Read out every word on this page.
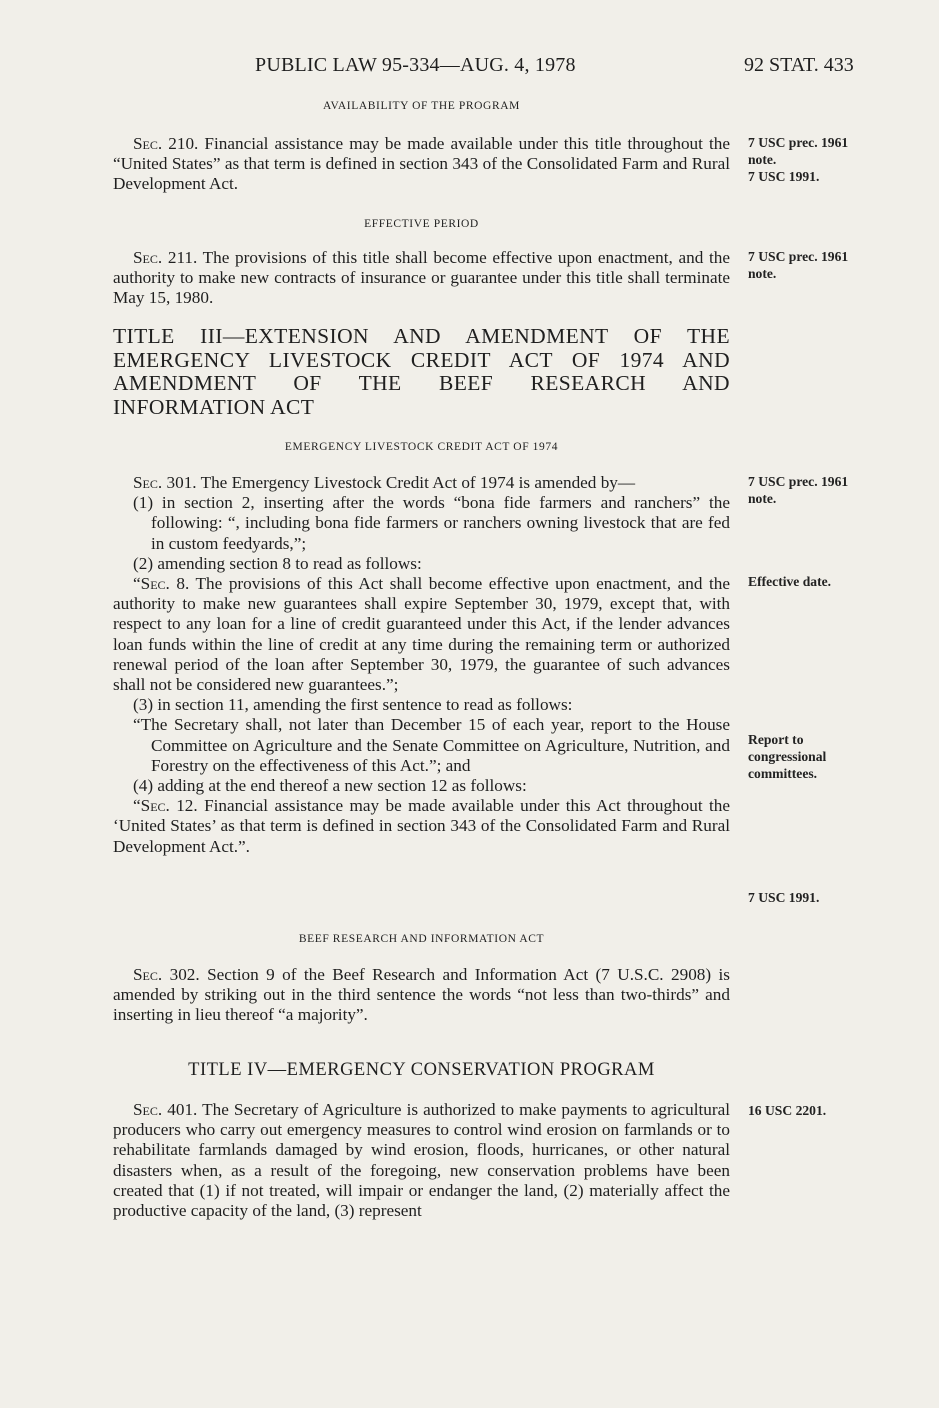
PUBLIC LAW 95-334—AUG. 4, 1978	92 STAT. 433
AVAILABILITY OF THE PROGRAM

Sec. 210. Financial assistance may be made available under this title throughout the “United States” as that term is defined in section 343 of the Consolidated Farm and Rural Development Act.

EFFECTIVE PERIOD

Sec. 211. The provisions of this title shall become effective upon enactment, and the authority to make new contracts of insurance or guarantee under this title shall terminate May 15, 1980.

TITLE III—EXTENSION AND AMENDMENT OF THE EMERGENCY LIVESTOCK CREDIT ACT OF 1974 AND AMENDMENT OF THE BEEF RESEARCH AND INFORMATION ACT
EMERGENCY LIVESTOCK CREDIT ACT OF 1974

Sec. 301. The Emergency Livestock Credit Act of 1974 is amended by—

(1) in section 2, inserting after the words “bona fide farmers and ranchers” the following: “, including bona fide farmers or ranchers owning livestock that are fed in custom feedyards,”;

(2) amending section 8 to read as follows:

“Sec. 8. The provisions of this Act shall become effective upon enactment, and the authority to make new guarantees shall expire September 30, 1979, except that, with respect to any loan for a line of credit guaranteed under this Act, if the lender advances loan funds within the line of credit at any time during the remaining term or authorized renewal period of the loan after September 30, 1979, the guarantee of such advances shall not be considered new guarantees.”;

(3) in section 11, amending the first sentence to read as follows:

“The Secretary shall, not later than December 15 of each year, report to the House Committee on Agriculture and the Senate Committee on Agriculture, Nutrition, and Forestry on the effectiveness of this Act.”; and

(4) adding at the end thereof a new section 12 as follows:

“Sec. 12. Financial assistance may be made available under this Act throughout the ‘United States’ as that term is defined in section 343 of the Consolidated Farm and Rural Development Act.”.

BEEF RESEARCH AND INFORMATION ACT

Sec. 302. Section 9 of the Beef Research and Information Act (7 U.S.C. 2908) is amended by striking out in the third sentence the words “not less than two-thirds” and inserting in lieu thereof “a majority”.

TITLE IV—EMERGENCY CONSERVATION PROGRAM

Sec. 401. The Secretary of Agriculture is authorized to make payments to agricultural producers who carry out emergency measures to control wind erosion on farmlands or to rehabilitate farmlands damaged by wind erosion, floods, hurricanes, or other natural disasters when, as a result of the foregoing, new conservation problems have been created that (1) if not treated, will impair or endanger the land, (2) materially affect the productive capacity of the land, (3) represent

7 USC prec. 1961
note.
7 USC 1991.
7 USC prec. 1961
note.
7 USC prec. 1961
note.
Effective date.
Report to
congressional
committees.
7 USC 1991.
16 USC 2201.
